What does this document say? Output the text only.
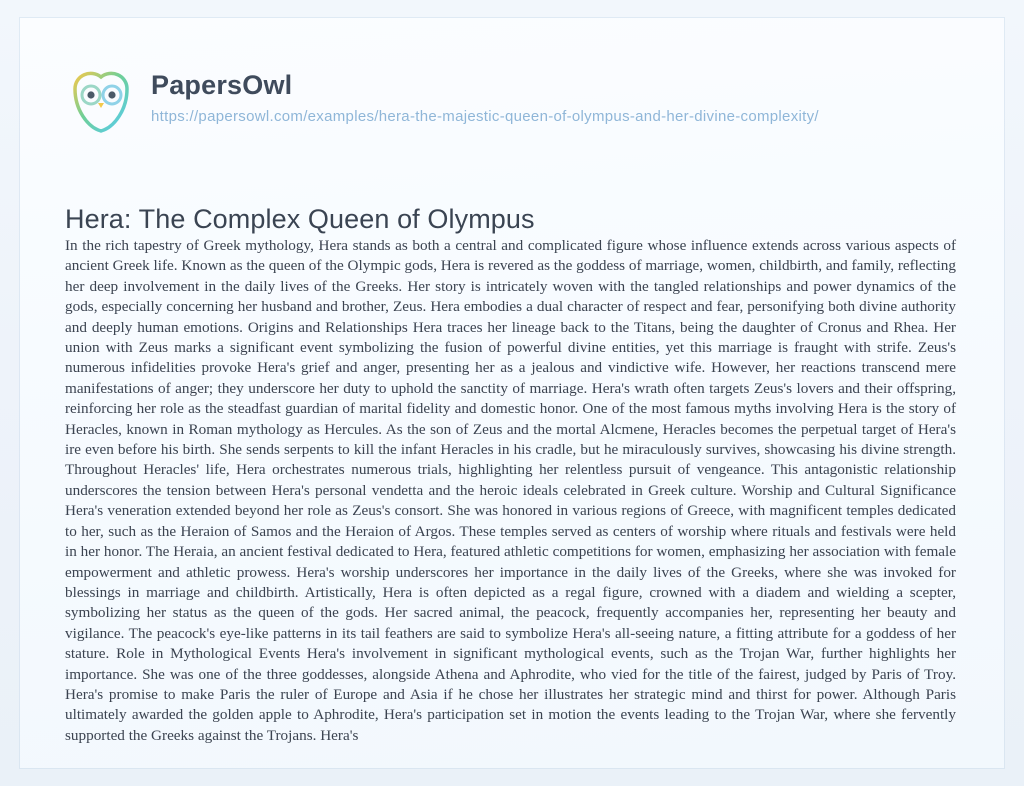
PapersOwl
https://papersowl.com/examples/hera-the-majestic-queen-of-olympus-and-her-divine-complexity/
Hera: The Complex Queen of Olympus
In the rich tapestry of Greek mythology, Hera stands as both a central and complicated figure whose influence extends across various aspects of ancient Greek life. Known as the queen of the Olympic gods, Hera is revered as the goddess of marriage, women, childbirth, and family, reflecting her deep involvement in the daily lives of the Greeks. Her story is intricately woven with the tangled relationships and power dynamics of the gods, especially concerning her husband and brother, Zeus. Hera embodies a dual character of respect and fear, personifying both divine authority and deeply human emotions. Origins and Relationships Hera traces her lineage back to the Titans, being the daughter of Cronus and Rhea. Her union with Zeus marks a significant event symbolizing the fusion of powerful divine entities, yet this marriage is fraught with strife. Zeus's numerous infidelities provoke Hera's grief and anger, presenting her as a jealous and vindictive wife. However, her reactions transcend mere manifestations of anger; they underscore her duty to uphold the sanctity of marriage. Hera's wrath often targets Zeus's lovers and their offspring, reinforcing her role as the steadfast guardian of marital fidelity and domestic honor. One of the most famous myths involving Hera is the story of Heracles, known in Roman mythology as Hercules. As the son of Zeus and the mortal Alcmene, Heracles becomes the perpetual target of Hera's ire even before his birth. She sends serpents to kill the infant Heracles in his cradle, but he miraculously survives, showcasing his divine strength. Throughout Heracles' life, Hera orchestrates numerous trials, highlighting her relentless pursuit of vengeance. This antagonistic relationship underscores the tension between Hera's personal vendetta and the heroic ideals celebrated in Greek culture. Worship and Cultural Significance Hera's veneration extended beyond her role as Zeus's consort. She was honored in various regions of Greece, with magnificent temples dedicated to her, such as the Heraion of Samos and the Heraion of Argos. These temples served as centers of worship where rituals and festivals were held in her honor. The Heraia, an ancient festival dedicated to Hera, featured athletic competitions for women, emphasizing her association with female empowerment and athletic prowess. Hera's worship underscores her importance in the daily lives of the Greeks, where she was invoked for blessings in marriage and childbirth. Artistically, Hera is often depicted as a regal figure, crowned with a diadem and wielding a scepter, symbolizing her status as the queen of the gods. Her sacred animal, the peacock, frequently accompanies her, representing her beauty and vigilance. The peacock's eye-like patterns in its tail feathers are said to symbolize Hera's all-seeing nature, a fitting attribute for a goddess of her stature. Role in Mythological Events Hera's involvement in significant mythological events, such as the Trojan War, further highlights her importance. She was one of the three goddesses, alongside Athena and Aphrodite, who vied for the title of the fairest, judged by Paris of Troy. Hera's promise to make Paris the ruler of Europe and Asia if he chose her illustrates her strategic mind and thirst for power. Although Paris ultimately awarded the golden apple to Aphrodite, Hera's participation set in motion the events leading to the Trojan War, where she fervently supported the Greeks against the Trojans. Hera's
